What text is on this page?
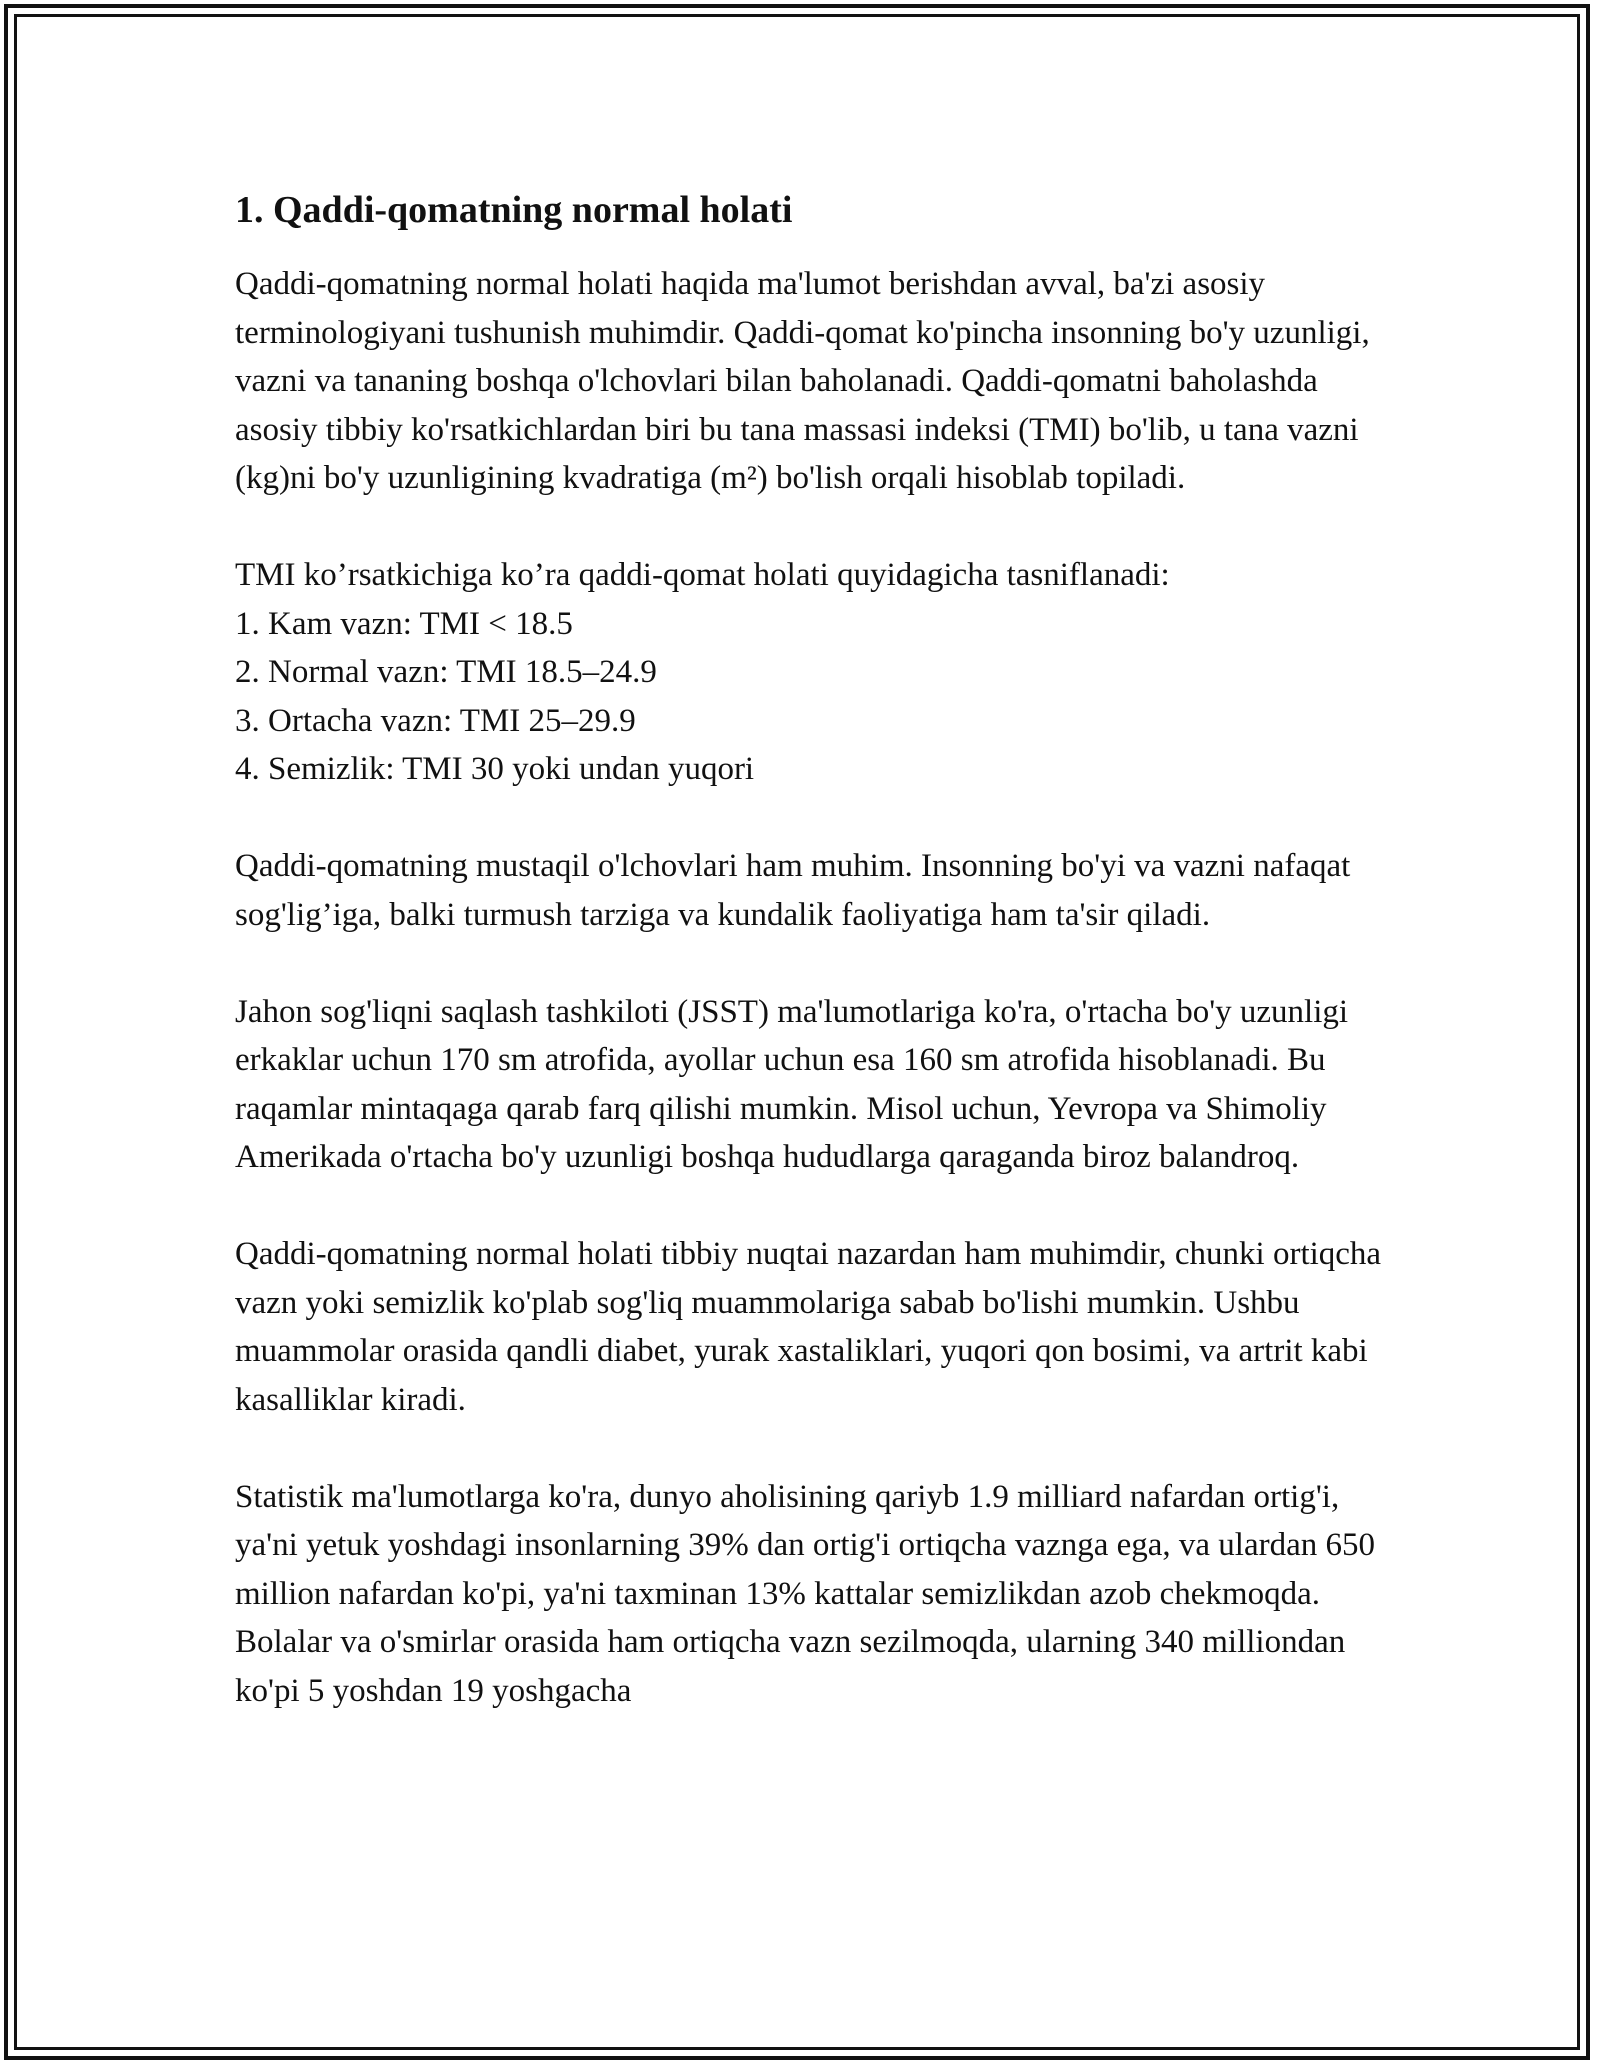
1. Qaddi-qomatning normal holati

Qaddi-qomatning normal holati haqida ma'lumot berishdan avval, ba'zi asosiy terminologiyani tushunish muhimdir. Qaddi-qomat ko'pincha insonning bo'y uzunligi, vazni va tananing boshqa o'lchovlari bilan baholanadi. Qaddi-qomatni baholashda asosiy tibbiy ko'rsatkichlardan biri bu tana massasi indeksi (TMI) bo'lib, u tana vazni (kg)ni bo'y uzunligining kvadratiga (m²) bo'lish orqali hisoblab topiladi.

TMI ko’rsatkichiga ko’ra qaddi-qomat holati quyidagicha tasniflanadi:

1. Kam vazn: TMI < 18.5

2. Normal vazn: TMI 18.5–24.9

3. Ortacha vazn: TMI 25–29.9

4. Semizlik: TMI 30 yoki undan yuqori

Qaddi-qomatning mustaqil o'lchovlari ham muhim. Insonning bo'yi va vazni nafaqat sog'lig’iga, balki turmush tarziga va kundalik faoliyatiga ham ta'sir qiladi.

Jahon sog'liqni saqlash tashkiloti (JSST) ma'lumotlariga ko'ra, o'rtacha bo'y uzunligi erkaklar uchun 170 sm atrofida, ayollar uchun esa 160 sm atrofida hisoblanadi. Bu raqamlar mintaqaga qarab farq qilishi mumkin. Misol uchun, Yevropa va Shimoliy Amerikada o'rtacha bo'y uzunligi boshqa hududlarga qaraganda biroz balandroq.

Qaddi-qomatning normal holati tibbiy nuqtai nazardan ham muhimdir, chunki ortiqcha vazn yoki semizlik ko'plab sog'liq muammolariga sabab bo'lishi mumkin. Ushbu muammolar orasida qandli diabet, yurak xastaliklari, yuqori qon bosimi, va artrit kabi kasalliklar kiradi.

Statistik ma'lumotlarga ko'ra, dunyo aholisining qariyb 1.9 milliard nafardan ortig'i, ya'ni yetuk yoshdagi insonlarning 39% dan ortig'i ortiqcha vaznga ega, va ulardan 650 million nafardan ko'pi, ya'ni taxminan 13% kattalar semizlikdan azob chekmoqda. Bolalar va o'smirlar orasida ham ortiqcha vazn sezilmoqda, ularning 340 milliondan ko'pi 5 yoshdan 19 yoshgacha
